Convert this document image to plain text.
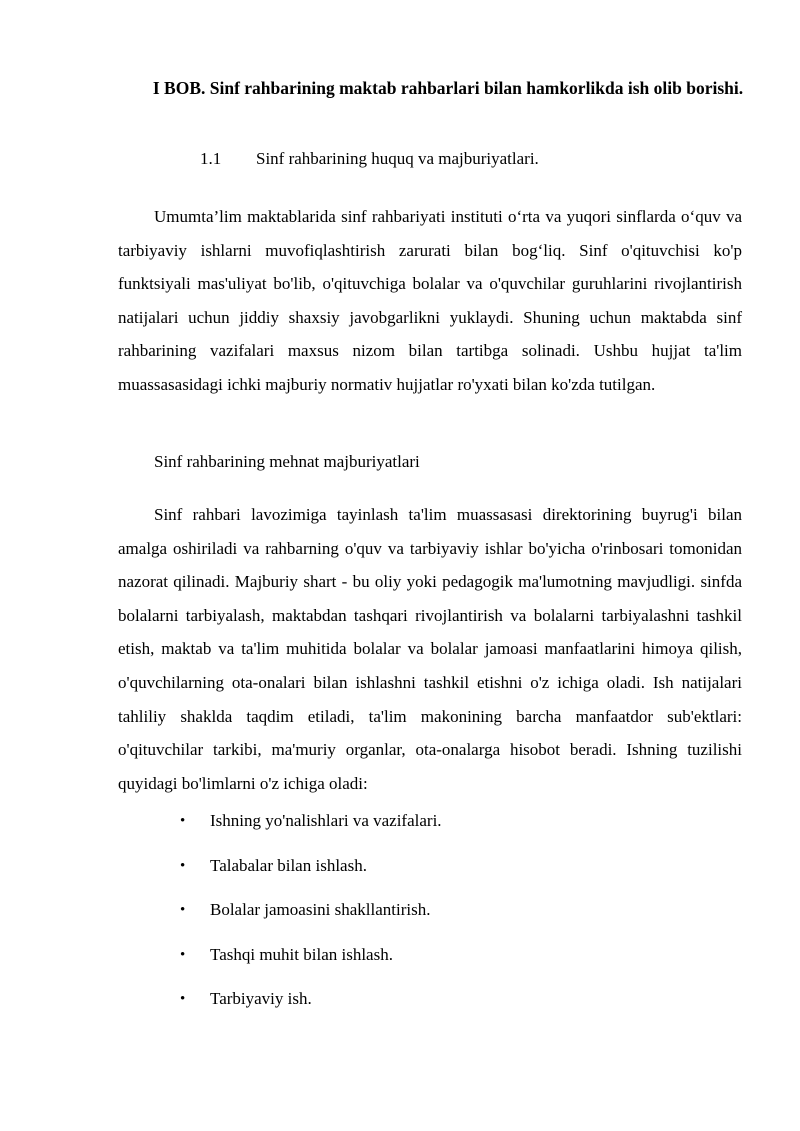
I BOB. Sinf rahbarining maktab rahbarlari bilan hamkorlikda ish olib borishi.

1.1 Sinf rahbarining huquq va majburiyatlari.

Umumta’lim maktablarida sinf rahbariyati instituti o‘rta va yuqori sinflarda o‘quv va tarbiyaviy ishlarni muvofiqlashtirish zarurati bilan bog‘liq. Sinf o'qituvchisi ko'p funktsiyali mas'uliyat bo'lib, o'qituvchiga bolalar va o'quvchilar guruhlarini rivojlantirish natijalari uchun jiddiy shaxsiy javobgarlikni yuklaydi. Shuning uchun maktabda sinf rahbarining vazifalari maxsus nizom bilan tartibga solinadi. Ushbu hujjat ta'lim muassasasidagi ichki majburiy normativ hujjatlar ro'yxati bilan ko'zda tutilgan.

Sinf rahbarining mehnat majburiyatlari

Sinf rahbari lavozimiga tayinlash ta'lim muassasasi direktorining buyrug'i bilan amalga oshiriladi va rahbarning o'quv va tarbiyaviy ishlar bo'yicha o'rinbosari tomonidan nazorat qilinadi. Majburiy shart - bu oliy yoki pedagogik ma'lumotning mavjudligi. sinfda bolalarni tarbiyalash, maktabdan tashqari rivojlantirish va bolalarni tarbiyalashni tashkil etish, maktab va ta'lim muhitida bolalar va bolalar jamoasi manfaatlarini himoya qilish, o'quvchilarning ota-onalari bilan ishlashni tashkil etishni o'z ichiga oladi. Ish natijalari tahliliy shaklda taqdim etiladi, ta'lim makonining barcha manfaatdor sub'ektlari: o'qituvchilar tarkibi, ma'muriy organlar, ota-onalarga hisobot beradi. Ishning tuzilishi quyidagi bo'limlarni o'z ichiga oladi:

• Ishning yo'nalishlari va vazifalari.
• Talabalar bilan ishlash.
• Bolalar jamoasini shakllantirish.
• Tashqi muhit bilan ishlash.
• Tarbiyaviy ish.
